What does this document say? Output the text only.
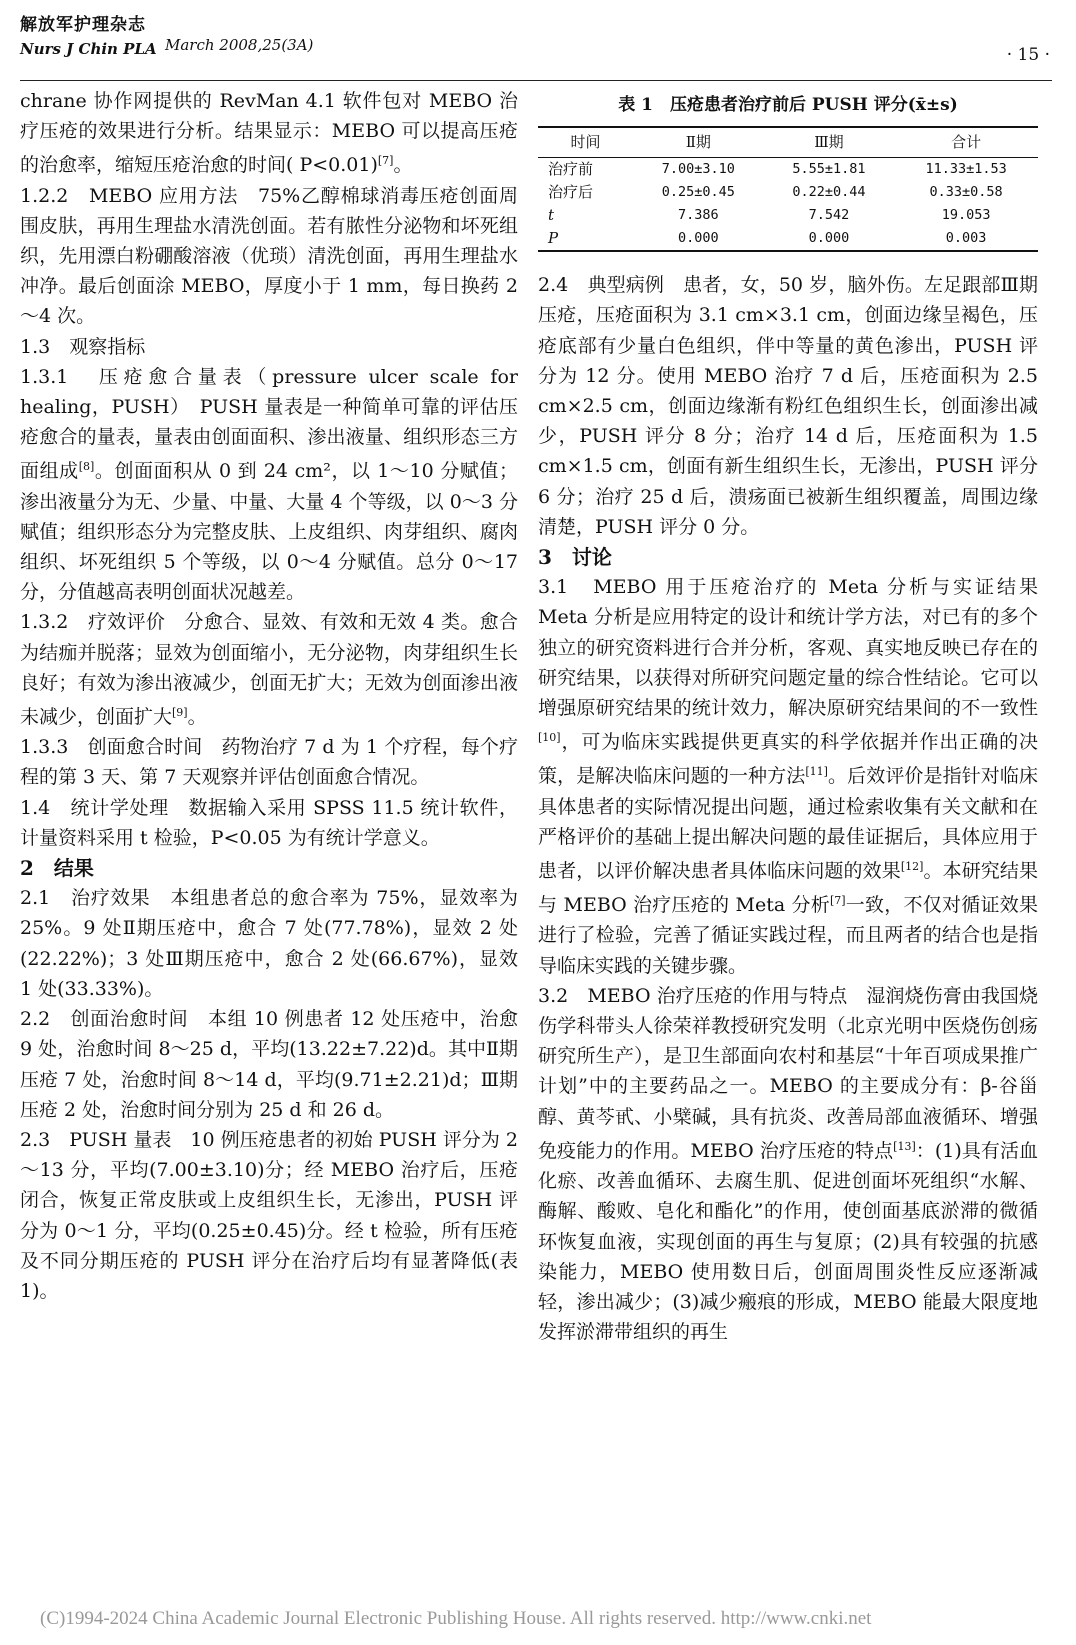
解放军护理杂志
Nurs J Chin PLA March 2008,25(3A)	· 15 ·

chrane 协作网提供的 RevMan 4.1 软件包对 MEBO 治疗压疮的效果进行分析。结果显示：MEBO 可以提高压疮的治愈率，缩短压疮治愈的时间( P<0.01)[7]。

1.2.2　MEBO 应用方法　75%乙醇棉球消毒压疮创面周围皮肤，再用生理盐水清洗创面。若有脓性分泌物和坏死组织，先用漂白粉硼酸溶液（优琐）清洗创面，再用生理盐水冲净。最后创面涂 MEBO，厚度小于 1 mm，每日换药 2～4 次。

1.3　观察指标

1.3.1　压疮愈合量表（pressure ulcer scale for healing，PUSH）　PUSH 量表是一种简单可靠的评估压疮愈合的量表，量表由创面面积、渗出液量、组织形态三方面组成[8]。创面面积从 0 到 24 cm²，以 1～10 分赋值；渗出液量分为无、少量、中量、大量 4 个等级，以 0～3 分赋值；组织形态分为完整皮肤、上皮组织、肉芽组织、腐肉组织、坏死组织 5 个等级，以 0～4 分赋值。总分 0～17 分，分值越高表明创面状况越差。

1.3.2　疗效评价　分愈合、显效、有效和无效 4 类。愈合为结痂并脱落；显效为创面缩小，无分泌物，肉芽组织生长良好；有效为渗出液减少，创面无扩大；无效为创面渗出液未减少，创面扩大[9]。

1.3.3　创面愈合时间　药物治疗 7 d 为 1 个疗程，每个疗程的第 3 天、第 7 天观察并评估创面愈合情况。

1.4　统计学处理　数据输入采用 SPSS 11.5 统计软件，计量资料采用 t 检验，P<0.05 为有统计学意义。

2　结果

2.1　治疗效果　本组患者总的愈合率为 75%，显效率为 25%。9 处Ⅱ期压疮中，愈合 7 处(77.78%)，显效 2 处(22.22%)；3 处Ⅲ期压疮中，愈合 2 处(66.67%)，显效 1 处(33.33%)。

2.2　创面治愈时间　本组 10 例患者 12 处压疮中，治愈 9 处，治愈时间 8～25 d，平均(13.22±7.22)d。其中Ⅱ期压疮 7 处，治愈时间 8～14 d，平均(9.71±2.21)d；Ⅲ期压疮 2 处，治愈时间分别为 25 d 和 26 d。

2.3　PUSH 量表　10 例压疮患者的初始 PUSH 评分为 2～13 分，平均(7.00±3.10)分；经 MEBO 治疗后，压疮闭合，恢复正常皮肤或上皮组织生长，无渗出，PUSH 评分为 0～1 分，平均(0.25±0.45)分。经 t 检验，所有压疮及不同分期压疮的 PUSH 评分在治疗后均有显著降低(表 1)。

表 1　压疮患者治疗前后 PUSH 评分(x̄±s)
时间	Ⅱ期	Ⅲ期	合计
治疗前	7.00±3.10	5.55±1.81	11.33±1.53
治疗后	0.25±0.45	0.22±0.44	0.33±0.58
t	7.386	7.542	19.053
P	0.000	0.000	0.003

2.4　典型病例　患者，女，50 岁，脑外伤。左足跟部Ⅲ期压疮，压疮面积为 3.1 cm×3.1 cm，创面边缘呈褐色，压疮底部有少量白色组织，伴中等量的黄色渗出，PUSH 评分为 12 分。使用 MEBO 治疗 7 d 后，压疮面积为 2.5 cm×2.5 cm，创面边缘渐有粉红色组织生长，创面渗出减少，PUSH 评分 8 分；治疗 14 d 后，压疮面积为 1.5 cm×1.5 cm，创面有新生组织生长，无渗出，PUSH 评分 6 分；治疗 25 d 后，溃疡面已被新生组织覆盖，周围边缘清楚，PUSH 评分 0 分。

3　讨论

3.1　MEBO 用于压疮治疗的 Meta 分析与实证结果　Meta 分析是应用特定的设计和统计学方法，对已有的多个独立的研究资料进行合并分析，客观、真实地反映已存在的研究结果，以获得对所研究问题定量的综合性结论。它可以增强原研究结果的统计效力，解决原研究结果间的不一致性[10]，可为临床实践提供更真实的科学依据并作出正确的决策，是解决临床问题的一种方法[11]。后效评价是指针对临床具体患者的实际情况提出问题，通过检索收集有关文献和在严格评价的基础上提出解决问题的最佳证据后，具体应用于患者，以评价解决患者具体临床问题的效果[12]。本研究结果与 MEBO 治疗压疮的 Meta 分析[7]一致，不仅对循证效果进行了检验，完善了循证实践过程，而且两者的结合也是指导临床实践的关键步骤。

3.2　MEBO 治疗压疮的作用与特点　湿润烧伤膏由我国烧伤学科带头人徐荣祥教授研究发明（北京光明中医烧伤创疡研究所生产），是卫生部面向农村和基层“十年百项成果推广计划”中的主要药品之一。MEBO 的主要成分有：β-谷甾醇、黄芩甙、小檗碱，具有抗炎、改善局部血液循环、增强免疫能力的作用。MEBO 治疗压疮的特点[13]：(1)具有活血化瘀、改善血循环、去腐生肌、促进创面坏死组织“水解、酶解、酸败、皂化和酯化”的作用，使创面基底淤滞的微循环恢复血液，实现创面的再生与复原；(2)具有较强的抗感染能力，MEBO 使用数日后，创面周围炎性反应逐渐减轻，渗出减少；(3)减少瘢痕的形成，MEBO 能最大限度地发挥淤滞带组织的再生

(C)1994-2024 China Academic Journal Electronic Publishing House. All rights reserved. http://www.cnki.net
